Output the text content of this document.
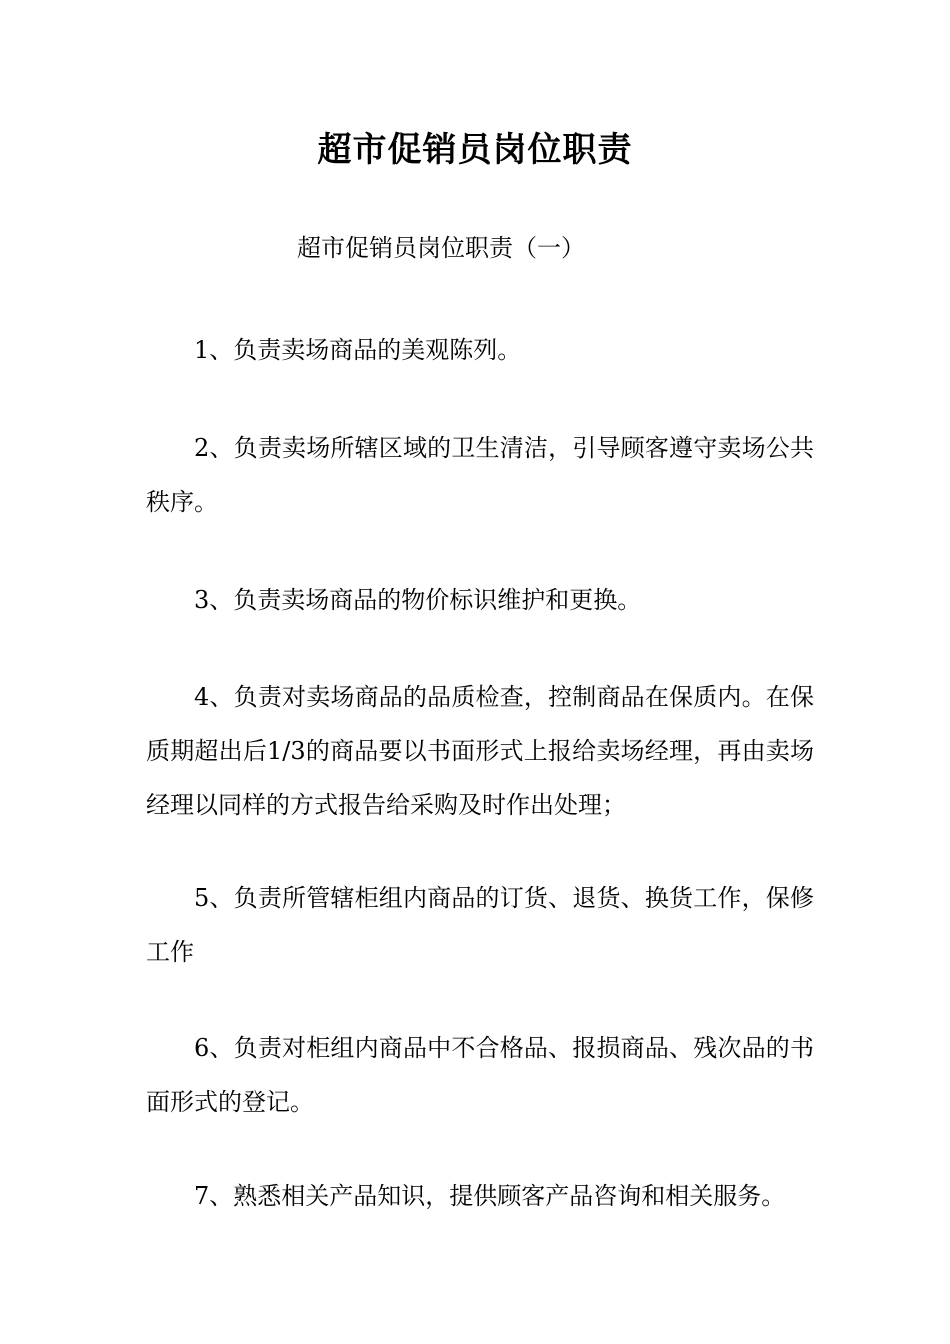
超市促销员岗位职责
超市促销员岗位职责（一）

1、负责卖场商品的美观陈列。

2、负责卖场所辖区域的卫生清洁，引导顾客遵守卖场公共秩序。

3、负责卖场商品的物价标识维护和更换。

4、负责对卖场商品的品质检查，控制商品在保质内。在保质期超出后1/3的商品要以书面形式上报给卖场经理，再由卖场经理以同样的方式报告给采购及时作出处理；

5、负责所管辖柜组内商品的订货、退货、换货工作，保修工作

6、负责对柜组内商品中不合格品、报损商品、残次品的书面形式的登记。

7、熟悉相关产品知识，提供顾客产品咨询和相关服务。
